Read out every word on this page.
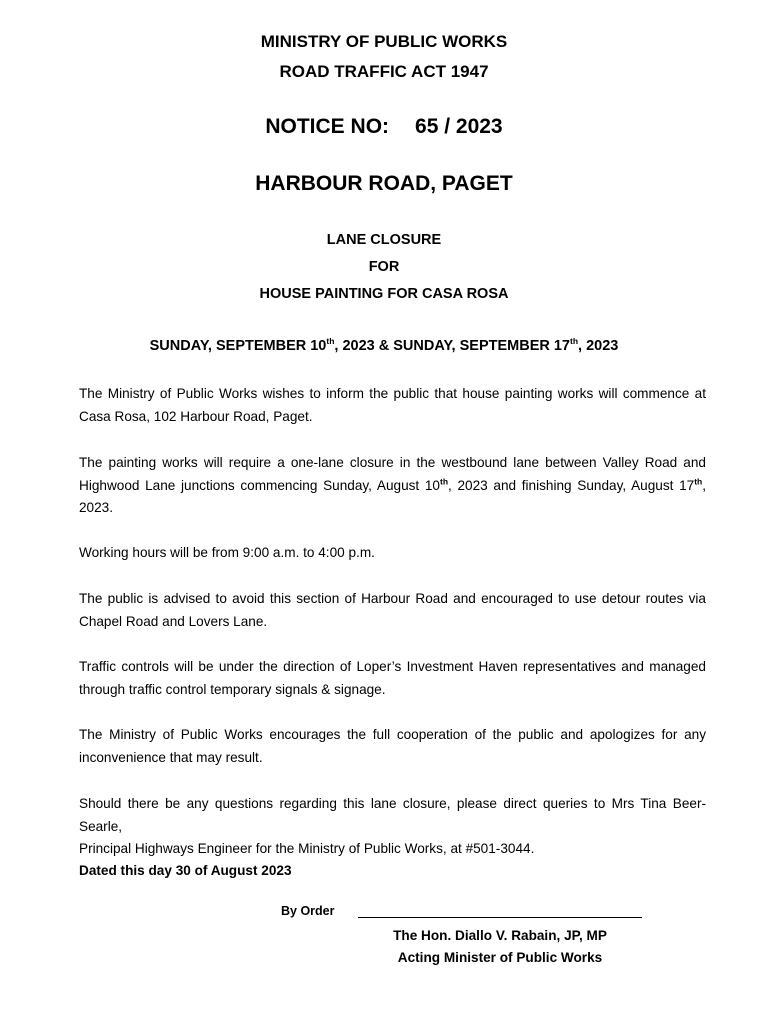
MINISTRY OF PUBLIC WORKS
ROAD TRAFFIC ACT 1947
NOTICE NO: 65 / 2023
HARBOUR ROAD, PAGET
LANE CLOSURE
FOR
HOUSE PAINTING FOR CASA ROSA
SUNDAY, SEPTEMBER 10th, 2023 & SUNDAY, SEPTEMBER 17th, 2023
The Ministry of Public Works wishes to inform the public that house painting works will commence at
Casa Rosa, 102 Harbour Road, Paget.
The painting works will require a one-lane closure in the westbound lane between Valley Road and
Highwood Lane junctions commencing Sunday, August 10th, 2023 and finishing Sunday, August 17th,
2023.
Working hours will be from 9:00 a.m. to 4:00 p.m.
The public is advised to avoid this section of Harbour Road and encouraged to use detour routes via
Chapel Road and Lovers Lane.
Traffic controls will be under the direction of Loper’s Investment Haven representatives and managed
through traffic control temporary signals & signage.
The Ministry of Public Works encourages the full cooperation of the public and apologizes for any
inconvenience that may result.
Should there be any questions regarding this lane closure, please direct queries to Mrs Tina Beer-Searle,
Principal Highways Engineer for the Ministry of Public Works, at #501-3044.
Dated this day 30 of August 2023
By Order
The Hon. Diallo V. Rabain, JP, MP
Acting Minister of Public Works
